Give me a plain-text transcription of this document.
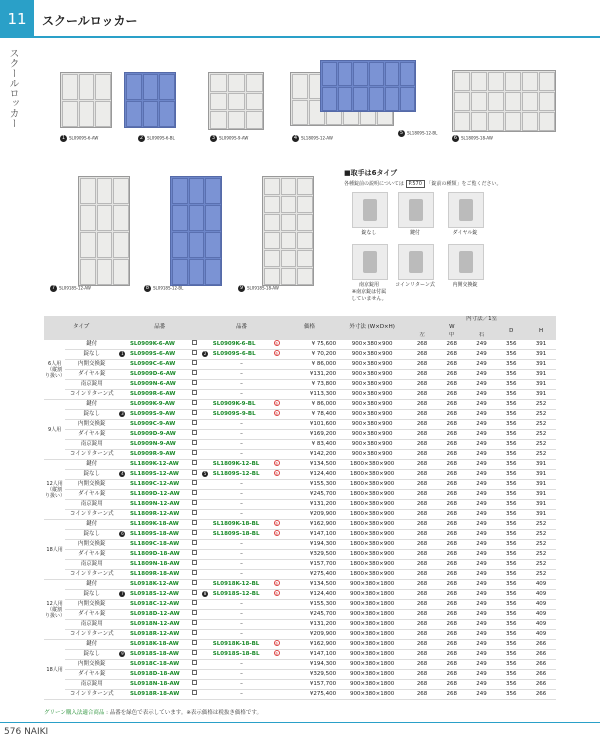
11	スクールロッカー
スクールロッカー
1 SL0909S-6-AW	2 SL0909S-6-BL	3 SL0909S-9-AW	4 SL1809S-12-AW
5 SL1809S-12-BL
6 SL1809S-18-AW
7 SL0918S-12-AW	8 SL0918S-12-BL	9 SL0918S-18-AW
■取手は6タイプ
各種錠前の説明については P.570 「錠前の種類」をご覧ください。
錠なし	鍵付	ダイヤル錠
南京錠用
※南京錠は付属
していません。
コインリターン式	内開交換錠
タイプ		品番			品番			価格	外寸法 (W×D×H)	内寸法／1室				
										W			D	H
										左	中	右		
6人用（縦割り扱い）	鍵付		SL0909K-6-AW			SL0909K-6-BL	⑤	¥ 75,600	900×380×900	268	268	249	356	391
	錠なし	1	SL0909S-6-AW		2	SL0909S-6-BL	⑤	¥ 70,200	900×380×900	268	268	249	356	391
	内開交換錠		SL0909C-6-AW			–		¥ 86,000	900×380×900	268	268	249	356	391
	ダイヤル錠		SL0909D-6-AW			–		¥131,200	900×380×900	268	268	249	356	391
	南京錠用		SL0909N-6-AW			–		¥ 73,800	900×380×900	268	268	249	356	391
	コインリターン式		SL0909R-6-AW			–		¥113,300	900×380×900	268	268	249	356	391
9人用	鍵付		SL0909K-9-AW			SL0909K-9-BL	⑤	¥ 86,000	900×380×900	268	268	249	356	252
	錠なし	3	SL0909S-9-AW			SL0909S-9-BL	⑤	¥ 78,400	900×380×900	268	268	249	356	252
	内開交換錠		SL0909C-9-AW			–		¥101,600	900×380×900	268	268	249	356	252
	ダイヤル錠		SL0909D-9-AW			–		¥169,200	900×380×900	268	268	249	356	252
	南京錠用		SL0909N-9-AW			–		¥ 83,400	900×380×900	268	268	249	356	252
	コインリターン式		SL0909R-9-AW			–		¥142,200	900×380×900	268	268	249	356	252
12人用（縦割り扱い）	鍵付		SL1809K-12-AW			SL1809K-12-BL	⑤	¥134,500	1800×380×900	268	268	249	356	391
	錠なし	4	SL1809S-12-AW		5	SL1809S-12-BL	⑤	¥124,400	1800×380×900	268	268	249	356	391
	内開交換錠		SL1809C-12-AW			–		¥155,300	1800×380×900	268	268	249	356	391
	ダイヤル錠		SL1809D-12-AW			–		¥245,700	1800×380×900	268	268	249	356	391
	南京錠用		SL1809N-12-AW			–		¥131,200	1800×380×900	268	268	249	356	391
	コインリターン式		SL1809R-12-AW			–		¥209,900	1800×380×900	268	268	249	356	391
18人用	鍵付		SL1809K-18-AW			SL1809K-18-BL	⑤	¥162,900	1800×380×900	268	268	249	356	252
	錠なし	6	SL1809S-18-AW			SL1809S-18-BL	⑤	¥147,100	1800×380×900	268	268	249	356	252
	内開交換錠		SL1809C-18-AW			–		¥194,300	1800×380×900	268	268	249	356	252
	ダイヤル錠		SL1809D-18-AW			–		¥329,500	1800×380×900	268	268	249	356	252
	南京錠用		SL1809N-18-AW			–		¥157,700	1800×380×900	268	268	249	356	252
	コインリターン式		SL1809R-18-AW			–		¥275,400	1800×380×900	268	268	249	356	252
12人用（縦割り扱い）	鍵付		SL0918K-12-AW			SL0918K-12-BL	⑤	¥134,500	900×380×1800	268	268	249	356	409
	錠なし	7	SL0918S-12-AW		8	SL0918S-12-BL	⑤	¥124,400	900×380×1800	268	268	249	356	409
	内開交換錠		SL0918C-12-AW			–		¥155,300	900×380×1800	268	268	249	356	409
	ダイヤル錠		SL0918D-12-AW			–		¥245,700	900×380×1800	268	268	249	356	409
	南京錠用		SL0918N-12-AW			–		¥131,200	900×380×1800	268	268	249	356	409
	コインリターン式		SL0918R-12-AW			–		¥209,900	900×380×1800	268	268	249	356	409
18人用	鍵付		SL0918K-18-AW			SL0918K-18-BL	⑤	¥162,900	900×380×1800	268	268	249	356	266
	錠なし	9	SL0918S-18-AW			SL0918S-18-BL	⑤	¥147,100	900×380×1800	268	268	249	356	266
	内開交換錠		SL0918C-18-AW			–		¥194,300	900×380×1800	268	268	249	356	266
	ダイヤル錠		SL0918D-18-AW			–		¥329,500	900×380×1800	268	268	249	356	266
	南京錠用		SL0918N-18-AW			–		¥157,700	900×380×1800	268	268	249	356	266
	コインリターン式		SL0918R-18-AW			–		¥275,400	900×380×1800	268	268	249	356	266
グリーン購入法適合商品 : 品番を緑色で表示しています。※表示価格は税抜き価格です。
576 NAIKI
